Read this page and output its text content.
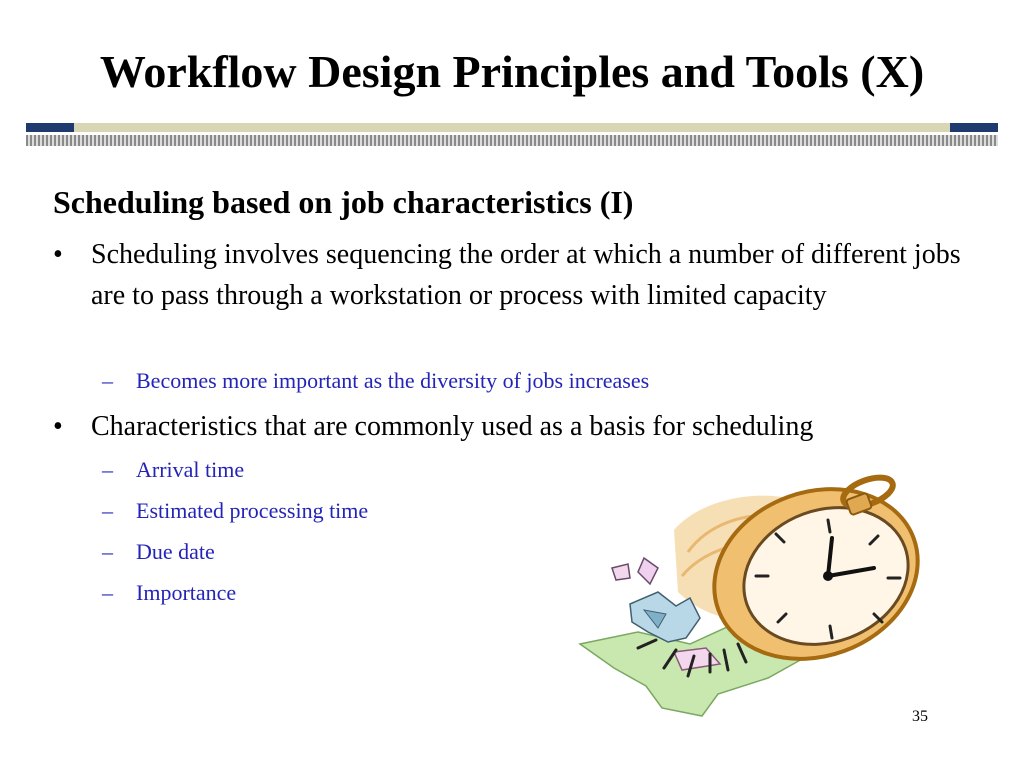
Workflow Design Principles and Tools (X)
Scheduling based on job characteristics (I)
•	Scheduling involves sequencing the order at which a number of different jobs are to pass through a workstation or process with limited capacity
– Becomes more important as the diversity of jobs increases
•	Characteristics that are commonly used as a basis for scheduling
– Arrival time
– Estimated processing time
– Due date
– Importance
35
